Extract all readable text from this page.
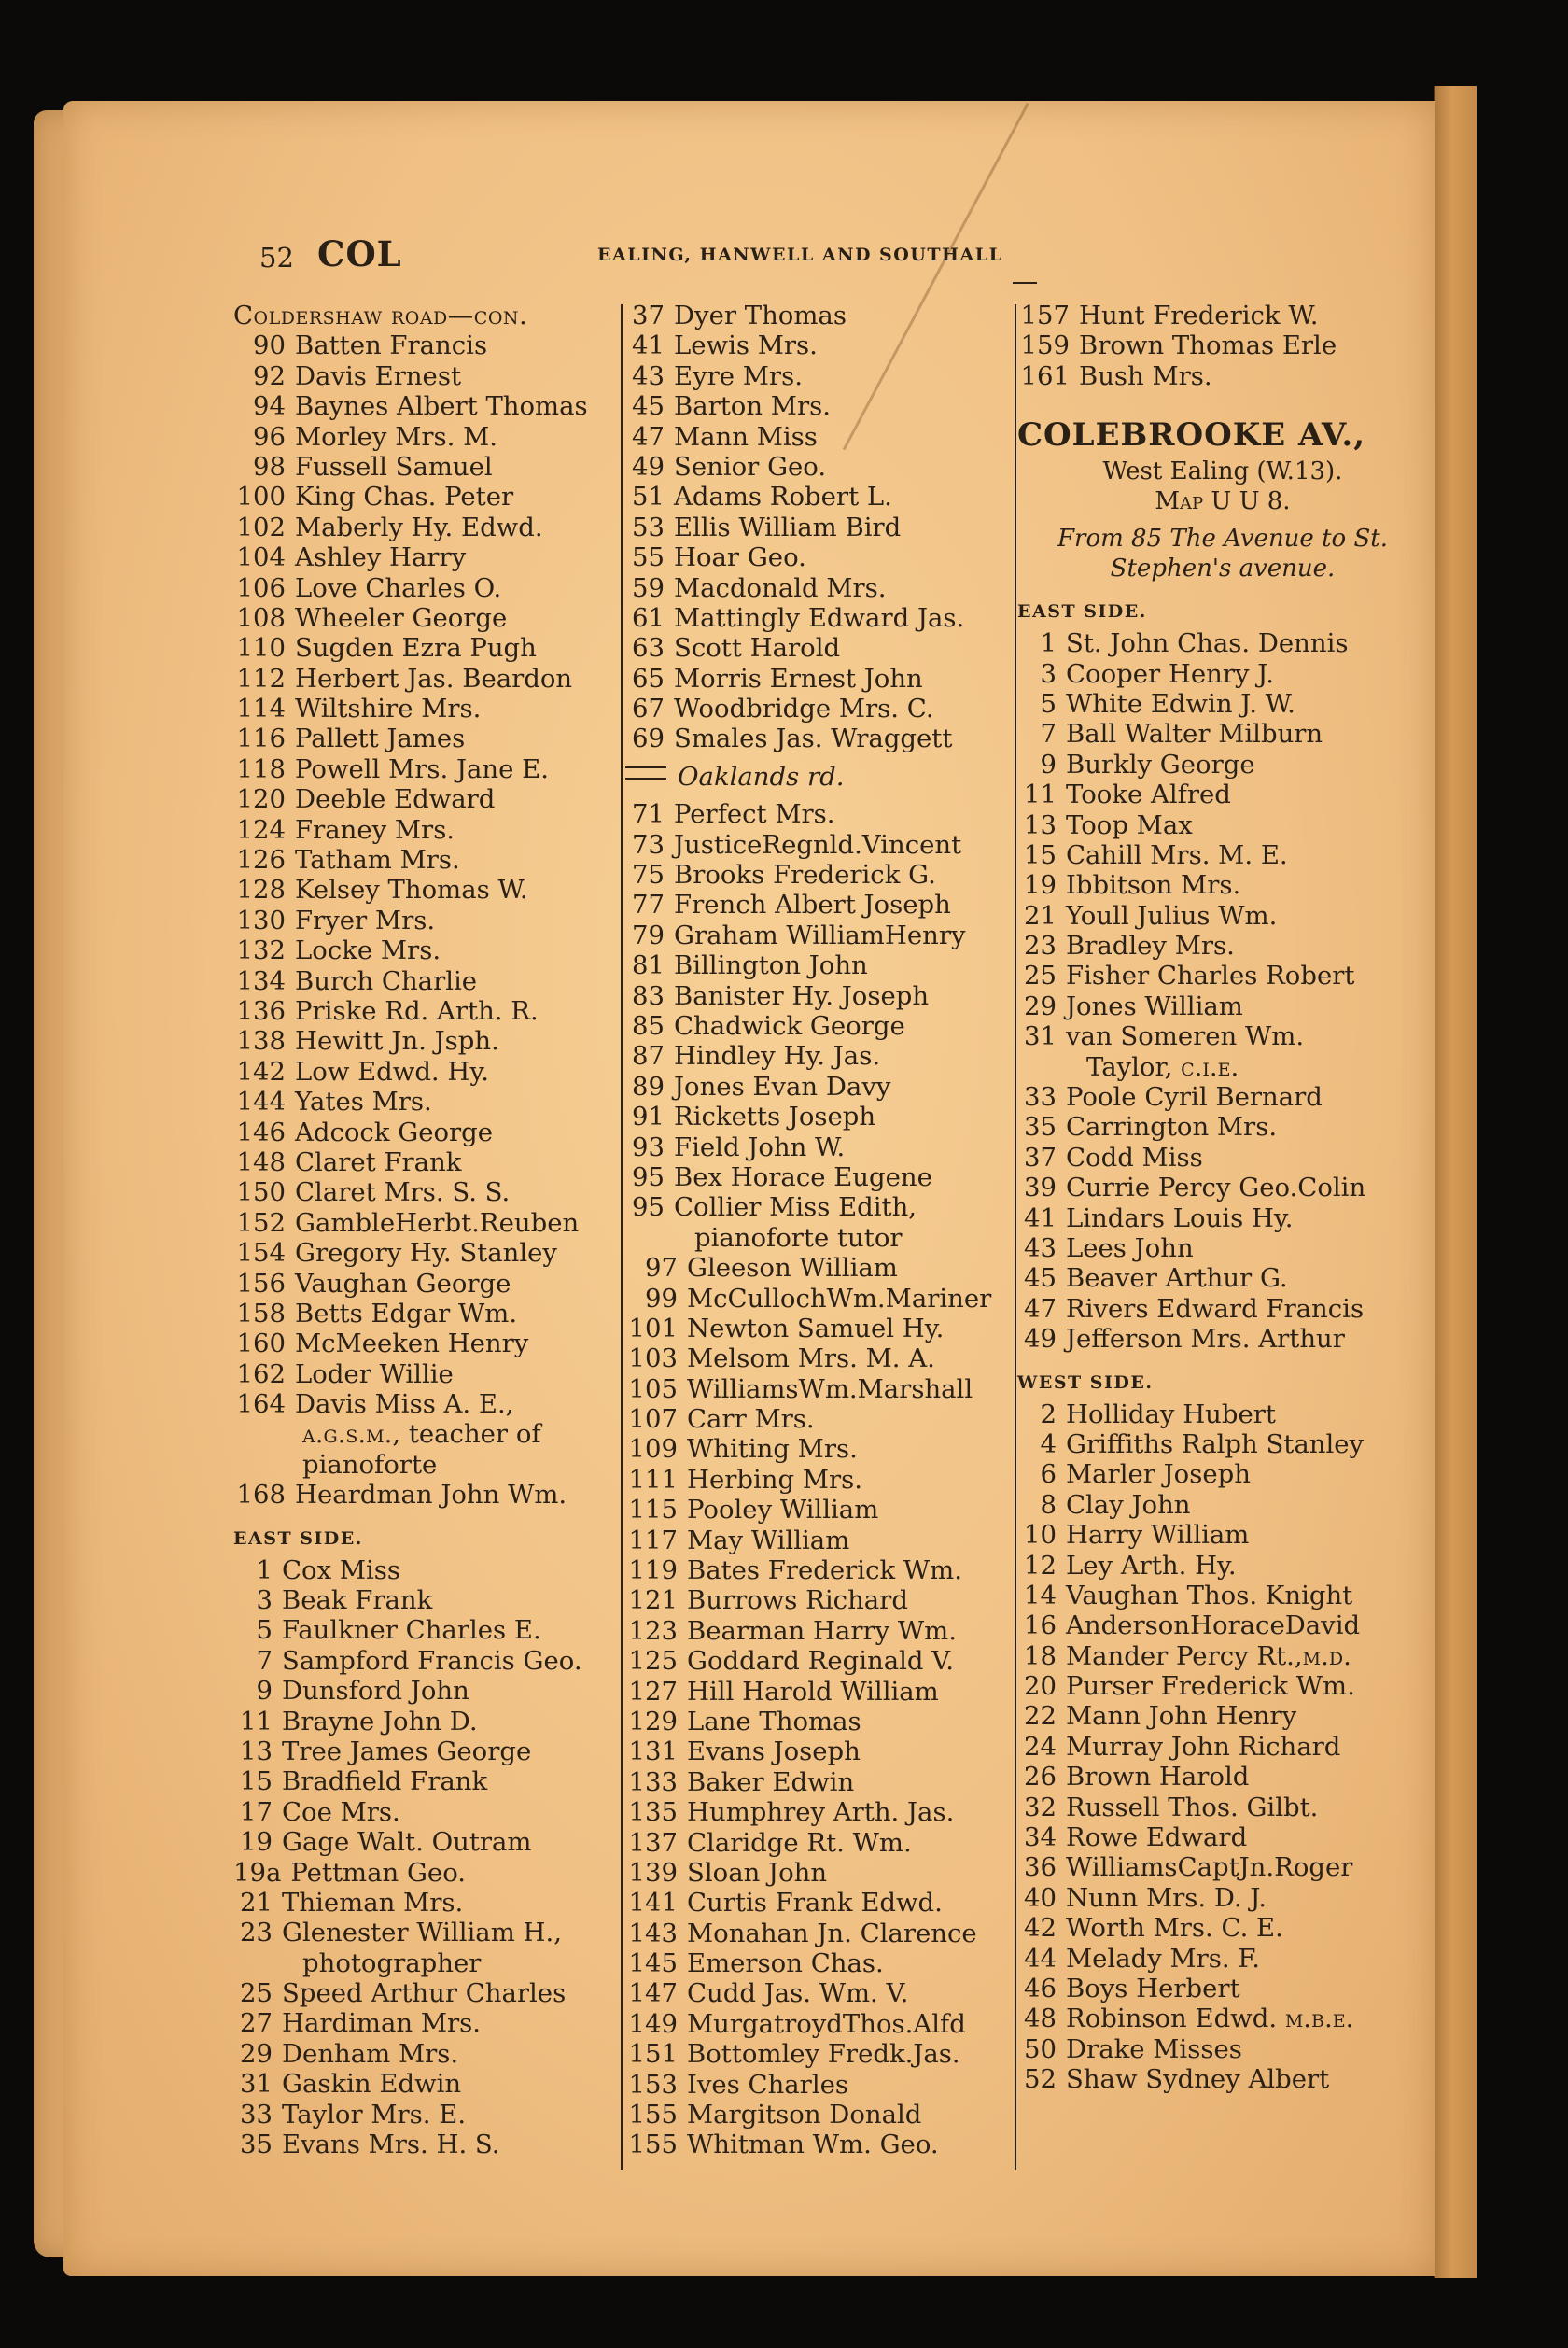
52 COL	EALING, HANWELL AND SOUTHALL
Coldershaw road—con.
90 Batten Francis
92 Davis Ernest
94 Baynes Albert Thomas
96 Morley Mrs. M.
98 Fussell Samuel
100 King Chas. Peter
102 Maberly Hy. Edwd.
104 Ashley Harry
106 Love Charles O.
108 Wheeler George
110 Sugden Ezra Pugh
112 Herbert Jas. Beardon
114 Wiltshire Mrs.
116 Pallett James
118 Powell Mrs. Jane E.
120 Deeble Edward
124 Franey Mrs.
126 Tatham Mrs.
128 Kelsey Thomas W.
130 Fryer Mrs.
132 Locke Mrs.
134 Burch Charlie
136 Priske Rd. Arth. R.
138 Hewitt Jn. Jsph.
142 Low Edwd. Hy.
144 Yates Mrs.
146 Adcock George
148 Claret Frank
150 Claret Mrs. S. S.
152 GambleHerbt.Reuben
154 Gregory Hy. Stanley
156 Vaughan George
158 Betts Edgar Wm.
160 McMeeken Henry
162 Loder Willie
164 Davis Miss A. E.,
a.g.s.m.,
teacher of
pianoforte
168 Heardman John Wm.
EAST SIDE.
1 Cox Miss
3 Beak Frank
5 Faulkner Charles E.
7 Sampford Francis Geo.
9 Dunsford John
11 Brayne John D.
13 Tree James George
15 Bradfield Frank
17 Coe Mrs.
19 Gage Walt. Outram
19a Pettman Geo.
21 Thieman Mrs.
23 Glenester William H.,
photographer
25 Speed Arthur Charles
27 Hardiman Mrs.
29 Denham Mrs.
31 Gaskin Edwin
33 Taylor Mrs. E.
35 Evans Mrs. H. S.
37 Dyer Thomas
41 Lewis Mrs.
43 Eyre Mrs.
45 Barton Mrs.
47 Mann Miss
49 Senior Geo.
51 Adams Robert L.
53 Ellis William Bird
55 Hoar Geo.
59 Macdonald Mrs.
61 Mattingly Edward Jas.
63 Scott Harold
65 Morris Ernest John
67 Woodbridge Mrs. C.
69 Smales Jas. Wraggett
Oaklands rd.
71 Perfect Mrs.
73 JusticeRegnld.Vincent
75 Brooks Frederick G.
77 French Albert Joseph
79 Graham WilliamHenry
81 Billington John
83 Banister Hy. Joseph
85 Chadwick George
87 Hindley Hy. Jas.
89 Jones Evan Davy
91 Ricketts Joseph
93 Field John W.
95 Bex Horace Eugene
95 Collier Miss Edith,
pianoforte tutor
97 Gleeson William
99 McCullochWm.Mariner
101 Newton Samuel Hy.
103 Melsom Mrs. M. A.
105 WilliamsWm.Marshall
107 Carr Mrs.
109 Whiting Mrs.
111 Herbing Mrs.
115 Pooley William
117 May William
119 Bates Frederick Wm.
121 Burrows Richard
123 Bearman Harry Wm.
125 Goddard Reginald V.
127 Hill Harold William
129 Lane Thomas
131 Evans Joseph
133 Baker Edwin
135 Humphrey Arth. Jas.
137 Claridge Rt. Wm.
139 Sloan John
141 Curtis Frank Edwd.
143 Monahan Jn. Clarence
145 Emerson Chas.
147 Cudd Jas. Wm. V.
149 MurgatroydThos.Alfd
151 Bottomley Fredk.Jas.
153 Ives Charles
155 Margitson Donald
155 Whitman Wm. Geo.
157 Hunt Frederick W.
159 Brown Thomas Erle
161 Bush Mrs.
COLEBROOKE AV.,
West Ealing (W.13).
Map U U 8.
From 85 The Avenue to St.
Stephen's avenue.
EAST SIDE.
1 St. John Chas. Dennis
3 Cooper Henry J.
5 White Edwin J. W.
7 Ball Walter Milburn
9 Burkly George
11 Tooke Alfred
13 Toop Max
15 Cahill Mrs. M. E.
19 Ibbitson Mrs.
21 Youll Julius Wm.
23 Bradley Mrs.
25 Fisher Charles Robert
29 Jones William
31 van Someren Wm.
Taylor,
c.i.e.
33 Poole Cyril Bernard
35 Carrington Mrs.
37 Codd Miss
39 Currie Percy Geo.Colin
41 Lindars Louis Hy.
43 Lees John
45 Beaver Arthur G.
47 Rivers Edward Francis
49 Jefferson Mrs. Arthur
WEST SIDE.
2 Holliday Hubert
4 Griffiths Ralph Stanley
6 Marler Joseph
8 Clay John
10 Harry William
12 Ley Arth. Hy.
14 Vaughan Thos. Knight
16 AndersonHoraceDavid
18 Mander Percy Rt.,m.d.
20 Purser Frederick Wm.
22 Mann John Henry
24 Murray John Richard
26 Brown Harold
32 Russell Thos. Gilbt.
34 Rowe Edward
36 WilliamsCaptJn.Roger
40 Nunn Mrs. D. J.
42 Worth Mrs. C. E.
44 Melady Mrs. F.
46 Boys Herbert
48 Robinson Edwd. m.b.e.
50 Drake Misses
52 Shaw Sydney Albert
